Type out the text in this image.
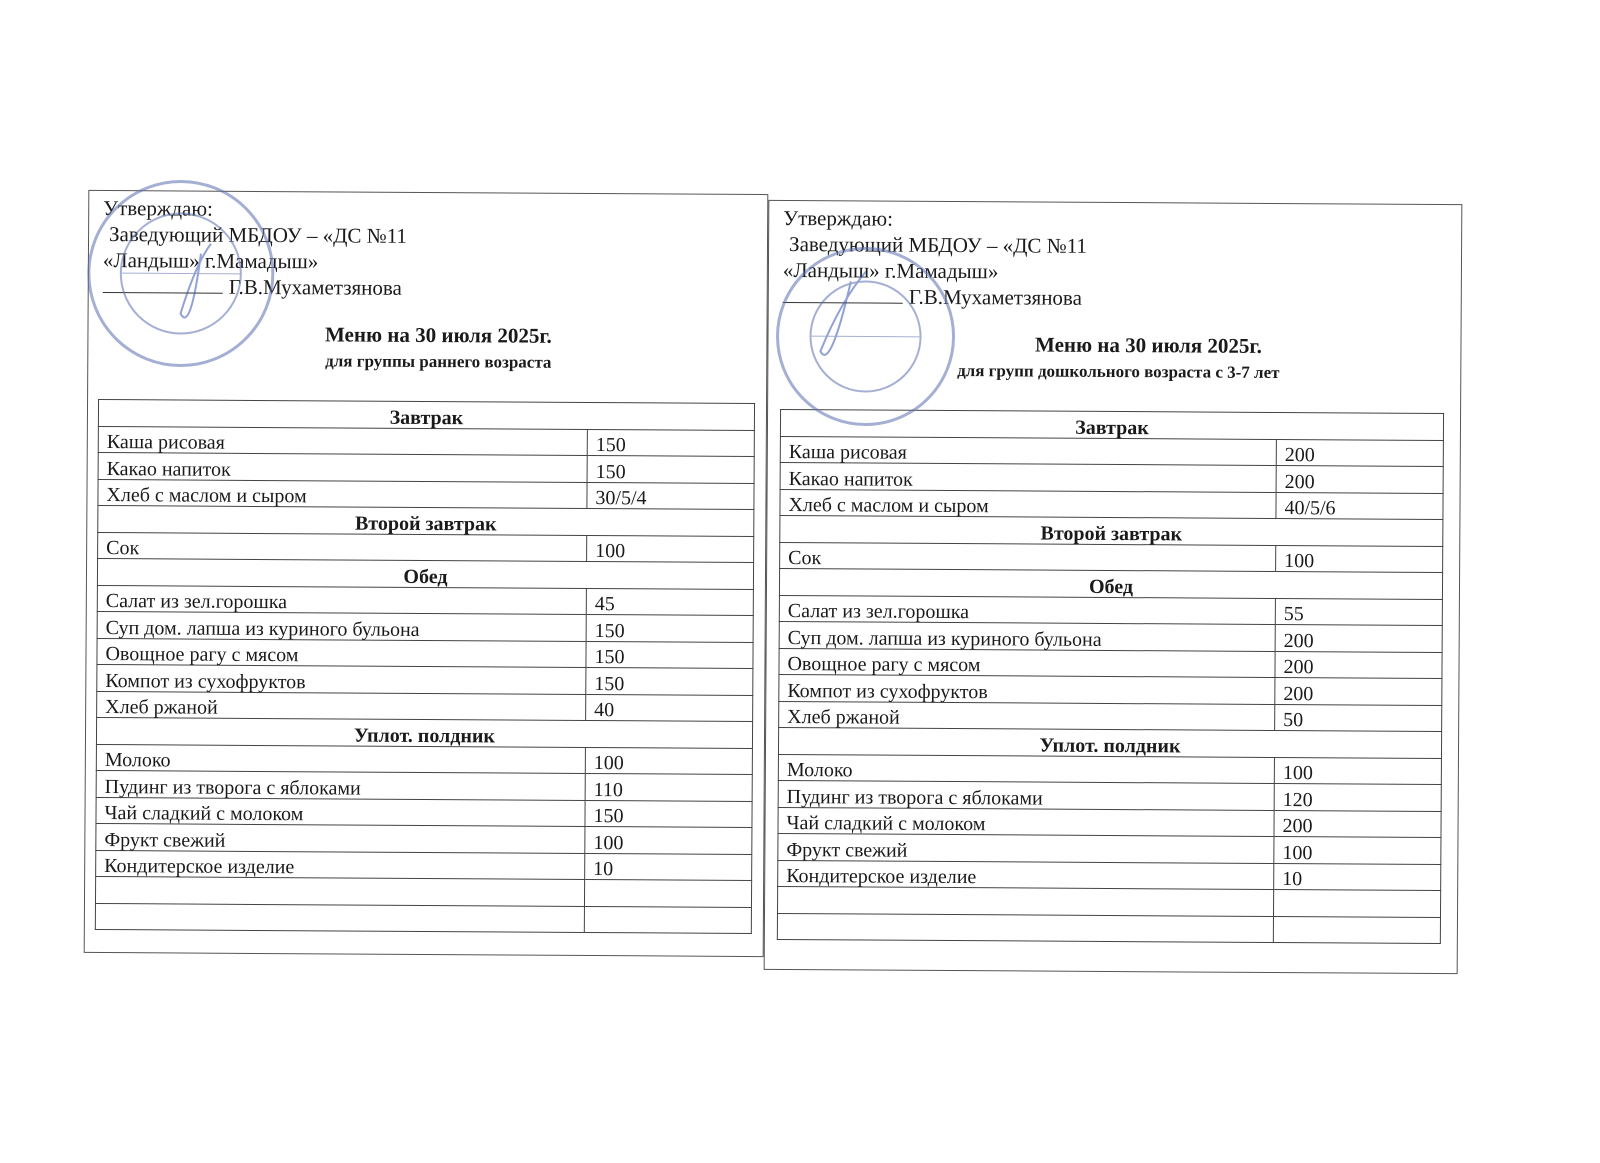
Утверждаю:
Заведующий МБДОУ – «ДС №11
«Ландыш» г.Мамадыш»
Г.В.Мухаметзянова
Меню на 30 июля 2025г.
для группы раннего возраста
Завтрак	
Каша рисовая	150
Какао напиток	150
Хлеб с маслом и сыром	30/5/4
Второй завтрак	
Сок	100
Обед	
Салат из зел.горошка	45
Суп дом. лапша из куриного бульона	150
Овощное рагу с мясом	150
Компот из сухофруктов	150
Хлеб ржаной	40
Уплот. полдник	
Молоко	100
Пудинг из творога с яблоками	110
Чай сладкий с молоком	150
Фрукт свежий	100
Кондитерское изделие	10

Утверждаю:
Заведующий МБДОУ – «ДС №11
«Ландыш» г.Мамадыш»
Г.В.Мухаметзянова
Меню на 30 июля 2025г.
для групп дошкольного возраста с 3-7 лет
Завтрак	
Каша рисовая	200
Какао напиток	200
Хлеб с маслом и сыром	40/5/6
Второй завтрак	
Сок	100
Обед	
Салат из зел.горошка	55
Суп дом. лапша из куриного бульона	200
Овощное рагу с мясом	200
Компот из сухофруктов	200
Хлеб ржаной	50
Уплот. полдник	
Молоко	100
Пудинг из творога с яблоками	120
Чай сладкий с молоком	200
Фрукт свежий	100
Кондитерское изделие	10
